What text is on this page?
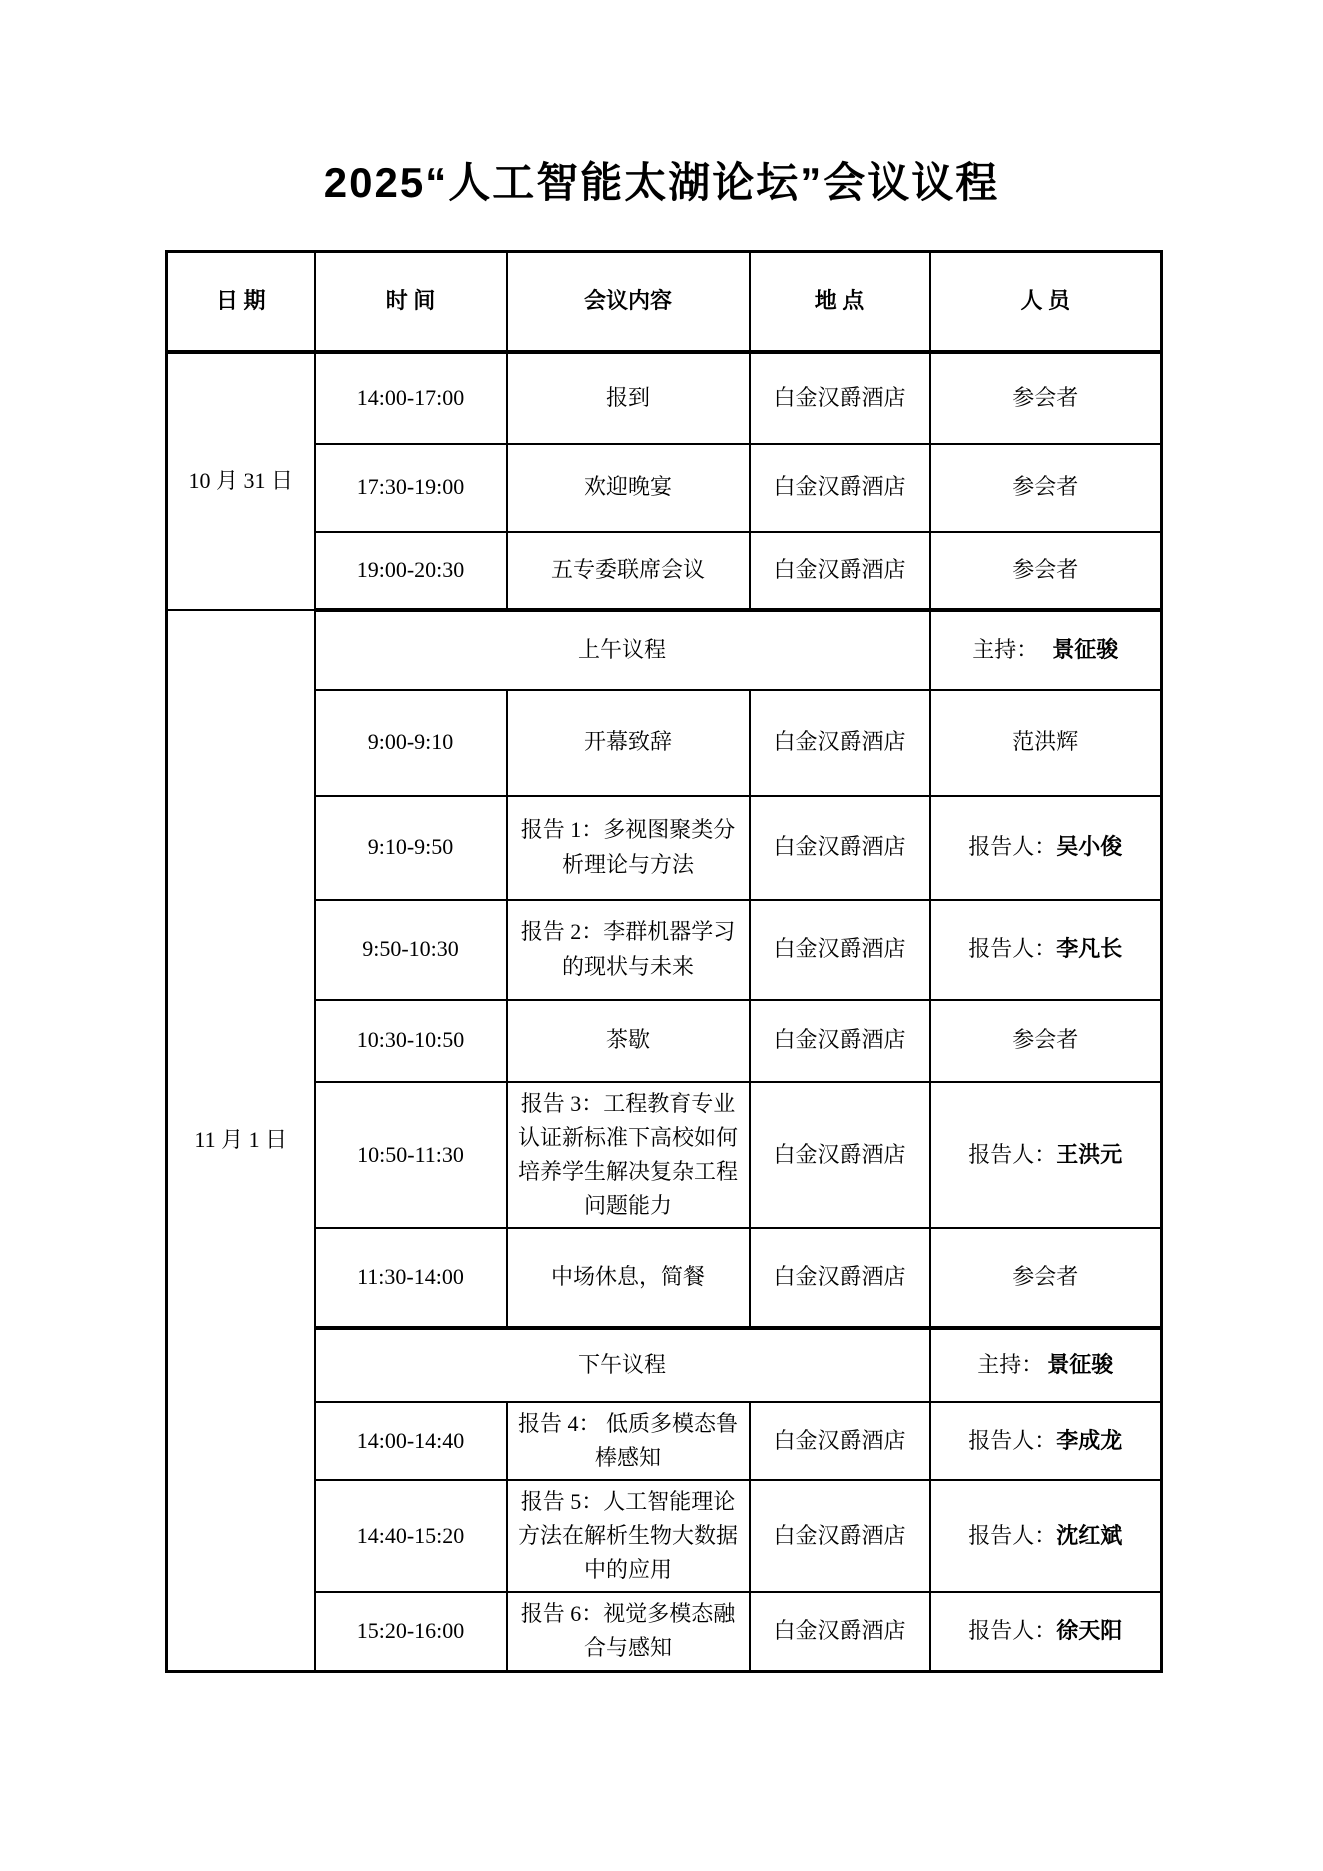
2025“人工智能太湖论坛”会议议程
日 期	时 间	会议内容	地 点	人 员
10 月 31 日	14:00-17:00	报到	白金汉爵酒店	参会者
	17:30-19:00	欢迎晚宴	白金汉爵酒店	参会者
	19:00-20:30	五专委联席会议	白金汉爵酒店	参会者
11 月 1 日	上午议程			主持： 景征骏
	9:00-9:10	开幕致辞	白金汉爵酒店	范洪辉
	9:10-9:50	报告 1：多视图聚类分析理论与方法	白金汉爵酒店	报告人：吴小俊
	9:50-10:30	报告 2：李群机器学习的现状与未来	白金汉爵酒店	报告人：李凡长
	10:30-10:50	茶歇	白金汉爵酒店	参会者
	10:50-11:30	报告 3：工程教育专业认证新标准下高校如何培养学生解决复杂工程问题能力	白金汉爵酒店	报告人：王洪元
	11:30-14:00	中场休息，简餐	白金汉爵酒店	参会者
	下午议程			主持： 景征骏
	14:00-14:40	报告 4： 低质多模态鲁棒感知	白金汉爵酒店	报告人：李成龙
	14:40-15:20	报告 5：人工智能理论方法在解析生物大数据中的应用	白金汉爵酒店	报告人：沈红斌
	15:20-16:00	报告 6：视觉多模态融合与感知	白金汉爵酒店	报告人：徐天阳
